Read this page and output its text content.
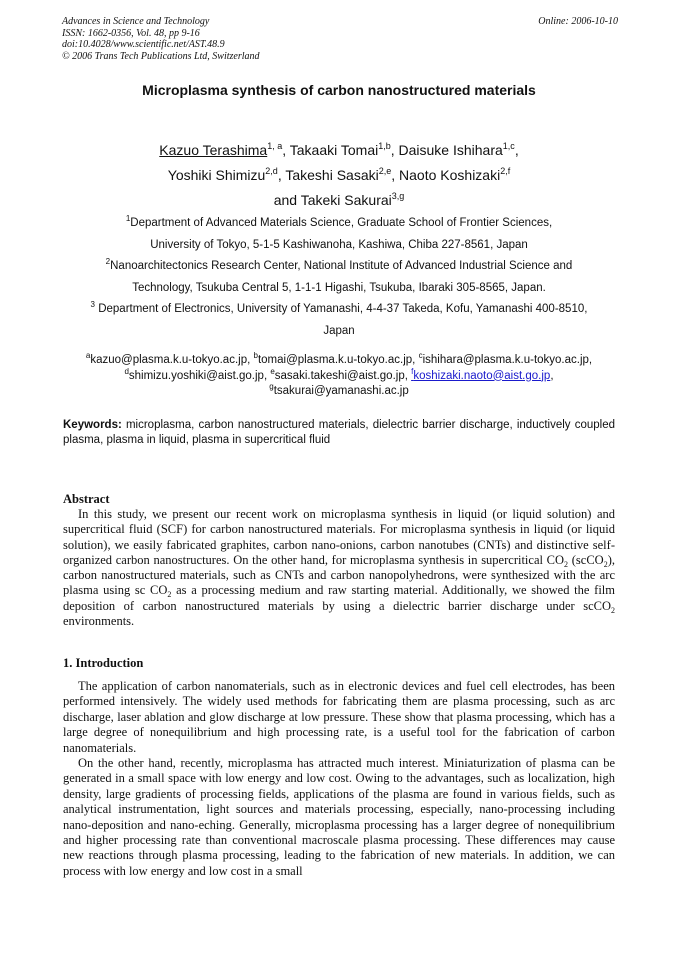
Advances in Science and Technology
ISSN: 1662-0356, Vol. 48, pp 9-16
doi:10.4028/www.scientific.net/AST.48.9
© 2006 Trans Tech Publications Ltd, Switzerland
Online: 2006-10-10
Microplasma synthesis of carbon nanostructured materials
Kazuo Terashima$^{1, a}$, Takaaki Tomai$^{1,b}$, Daisuke Ishihara$^{1,c}$,
Yoshiki Shimizu$^{2,d}$, Takeshi Sasaki$^{2,e}$, Naoto Koshizaki$^{2,f}$
and Takeki Sakurai$^{3,g}$
$^1$Department of Advanced Materials Science, Graduate School of Frontier Sciences,
University of Tokyo, 5-1-5 Kashiwanoha, Kashiwa, Chiba 227-8561, Japan
$^2$Nanoarchitectonics Research Center, National Institute of Advanced Industrial Science and
Technology, Tsukuba Central 5, 1-1-1 Higashi, Tsukuba, Ibaraki 305-8565, Japan.
$^3$ Department of Electronics, University of Yamanashi, 4-4-37 Takeda, Kofu, Yamanashi 400-8510,
Japan
$^a$kazuo@plasma.k.u-tokyo.ac.jp, $^b$tomai@plasma.k.u-tokyo.ac.jp, $^c$ishihara@plasma.k.u-tokyo.ac.jp,
$^d$shimizu.yoshiki@aist.go.jp, $^e$sasaki.takeshi@aist.go.jp, $^f$koshizaki.naoto@aist.go.jp,
$^g$tsakurai@yamanashi.ac.jp
Keywords: microplasma, carbon nanostructured materials, dielectric barrier discharge, inductively coupled plasma, plasma in liquid, plasma in supercritical fluid
Abstract
In this study, we present our recent work on microplasma synthesis in liquid (or liquid solution) and supercritical fluid (SCF) for carbon nanostructured materials. For microplasma synthesis in liquid (or liquid solution), we easily fabricated graphites, carbon nano-onions, carbon nanotubes (CNTs) and distinctive self-organized carbon nanostructures. On the other hand, for microplasma synthesis in supercritical $CO_2$ (scCO$_2$), carbon nanostructured materials, such as CNTs and carbon nanopolyhedrons, were synthesized with the arc plasma using sc $CO_2$ as a processing medium and raw starting material. Additionally, we showed the film deposition of carbon nanostructured materials by using a dielectric barrier discharge under scCO$_2$ environments.
1. Introduction

The application of carbon nanomaterials, such as in electronic devices and fuel cell electrodes, has been performed intensively. The widely used methods for fabricating them are plasma processing, such as arc discharge, laser ablation and glow discharge at low pressure. These show that plasma processing, which has a large degree of nonequilibrium and high processing rate, is a useful tool for the fabrication of carbon nanomaterials.

On the other hand, recently, microplasma has attracted much interest. Miniaturization of plasma can be generated in a small space with low energy and low cost. Owing to the advantages, such as localization, high density, large gradients of processing fields, applications of the plasma are found in various fields, such as analytical instrumentation, light sources and materials processing, especially, nano-processing including nano-deposition and nano-eching. Generally, microplasma processing has a larger degree of nonequilibrium and higher processing rate than conventional macroscale plasma processing. These differences may cause new reactions through plasma processing, leading to the fabrication of new materials. In addition, we can process with low energy and low cost in a small
